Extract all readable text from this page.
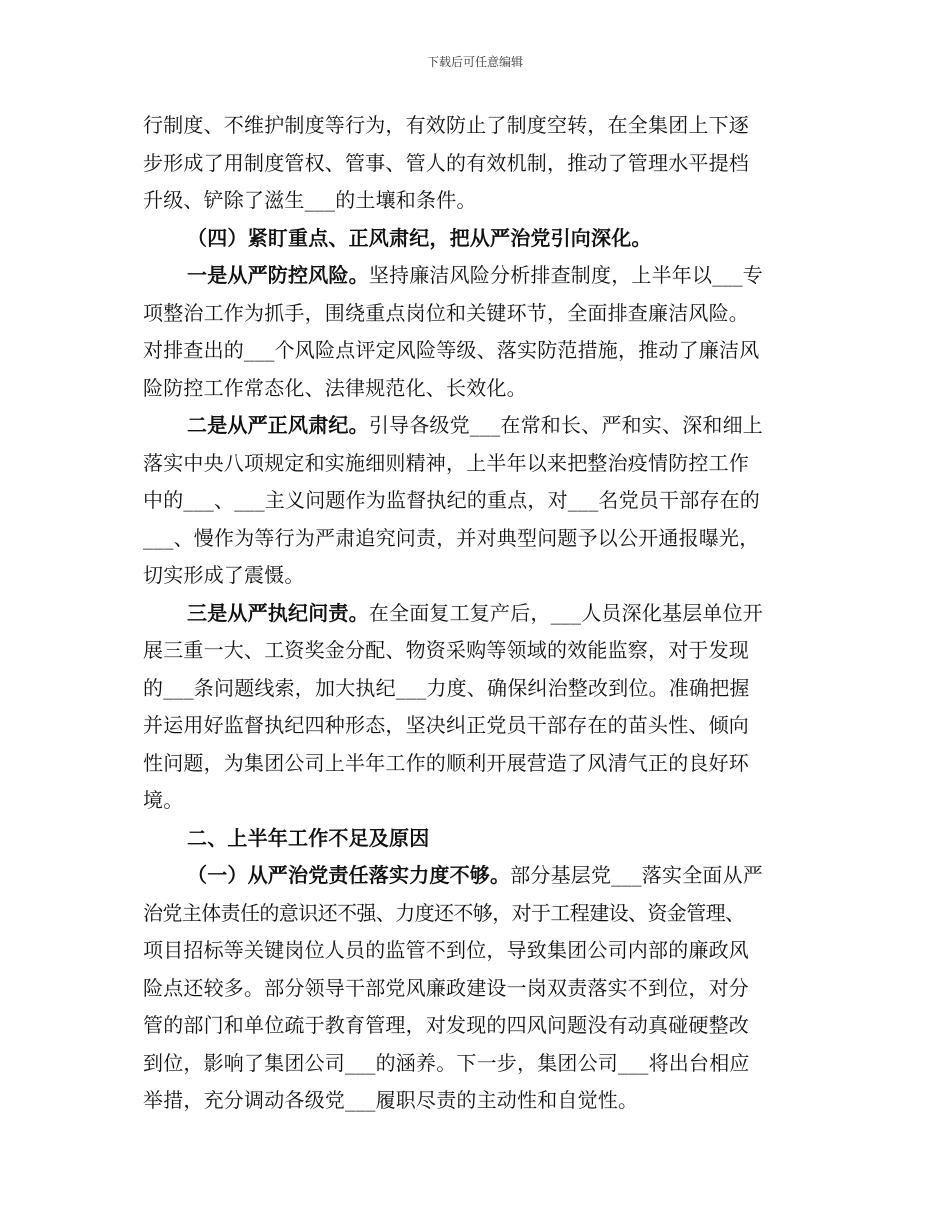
下载后可任意编辑
行制度、不维护制度等行为，有效防止了制度空转，在全集团上下逐
步形成了用制度管权、管事、管人的有效机制，推动了管理水平提档
升级、铲除了滋生___的土壤和条件。
（四）紧盯重点、正风肃纪，把从严治党引向深化。
一是从严防控风险。坚持廉洁风险分析排查制度，上半年以___专
项整治工作为抓手，围绕重点岗位和关键环节，全面排查廉洁风险。
对排查出的___个风险点评定风险等级、落实防范措施，推动了廉洁风
险防控工作常态化、法律规范化、长效化。
二是从严正风肃纪。引导各级党___在常和长、严和实、深和细上
落实中央八项规定和实施细则精神，上半年以来把整治疫情防控工作
中的___、___主义问题作为监督执纪的重点，对___名党员干部存在的
___、慢作为等行为严肃追究问责，并对典型问题予以公开通报曝光，
切实形成了震慑。
三是从严执纪问责。在全面复工复产后，___人员深化基层单位开
展三重一大、工资奖金分配、物资采购等领域的效能监察，对于发现
的___条问题线索，加大执纪___力度、确保纠治整改到位。准确把握
并运用好监督执纪四种形态，坚决纠正党员干部存在的苗头性、倾向
性问题，为集团公司上半年工作的顺利开展营造了风清气正的良好环
境。
二、上半年工作不足及原因
（一）从严治党责任落实力度不够。部分基层党___落实全面从严
治党主体责任的意识还不强、力度还不够，对于工程建设、资金管理、
项目招标等关键岗位人员的监管不到位，导致集团公司内部的廉政风
险点还较多。部分领导干部党风廉政建设一岗双责落实不到位，对分
管的部门和单位疏于教育管理，对发现的四风问题没有动真碰硬整改
到位，影响了集团公司___的涵养。下一步，集团公司___将出台相应
举措，充分调动各级党___履职尽责的主动性和自觉性。
